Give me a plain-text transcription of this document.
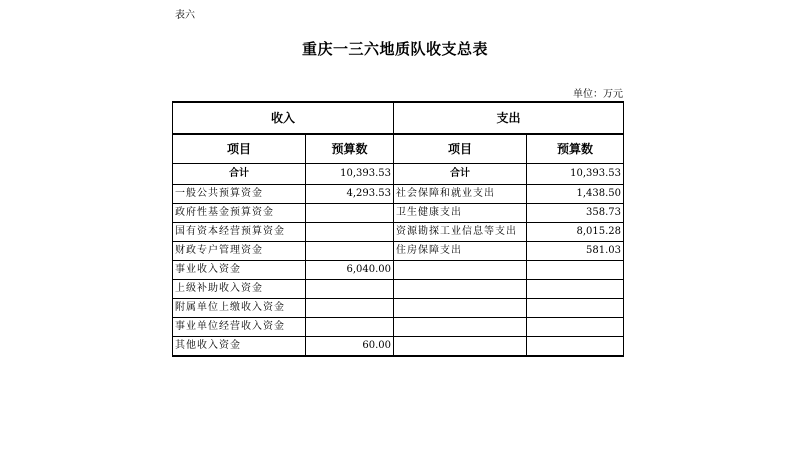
表六
重庆一三六地质队收支总表
单位：万元
收入		支出	
项目	预算数	项目	预算数
合计	10,393.53	合计	10,393.53
一般公共预算资金	4,293.53	社会保障和就业支出	1,438.50
政府性基金预算资金		卫生健康支出	358.73
国有资本经营预算资金		资源勘探工业信息等支出	8,015.28
财政专户管理资金		住房保障支出	581.03
事业收入资金	6,040.00		
上级补助收入资金			
附属单位上缴收入资金			
事业单位经营收入资金			
其他收入资金	60.00		
